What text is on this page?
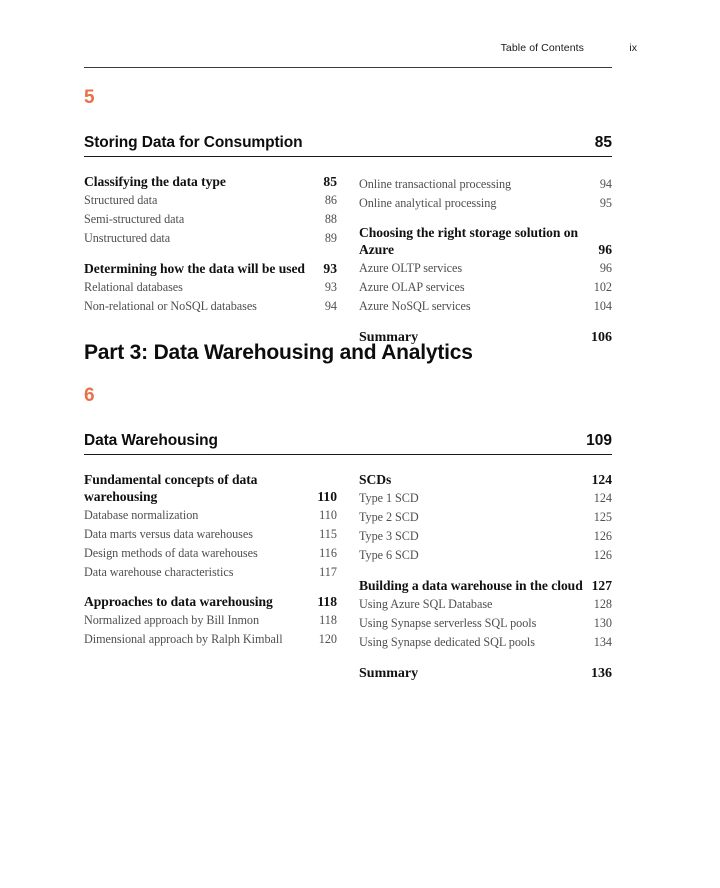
Table of Contents	ix
5
Storing Data for Consumption	85
Classifying the data type	85
Structured data	86
Semi-structured data	88
Unstructured data	89
Determining how the data will be used	93
Relational databases	93
Non-relational or NoSQL databases	94
Online transactional processing	94
Online analytical processing	95
Choosing the right storage solution on Azure	96
Azure OLTP services	96
Azure OLAP services	102
Azure NoSQL services	104
Summary	106
Part 3: Data Warehousing and Analytics
6
Data Warehousing	109
Fundamental concepts of data warehousing	110
Database normalization	110
Data marts versus data warehouses	115
Design methods of data warehouses	116
Data warehouse characteristics	117
Approaches to data warehousing	118
Normalized approach by Bill Inmon	118
Dimensional approach by Ralph Kimball	120
SCDs	124
Type 1 SCD	124
Type 2 SCD	125
Type 3 SCD	126
Type 6 SCD	126
Building a data warehouse in the cloud 127
Using Azure SQL Database	128
Using Synapse serverless SQL pools	130
Using Synapse dedicated SQL pools	134
Summary	136
